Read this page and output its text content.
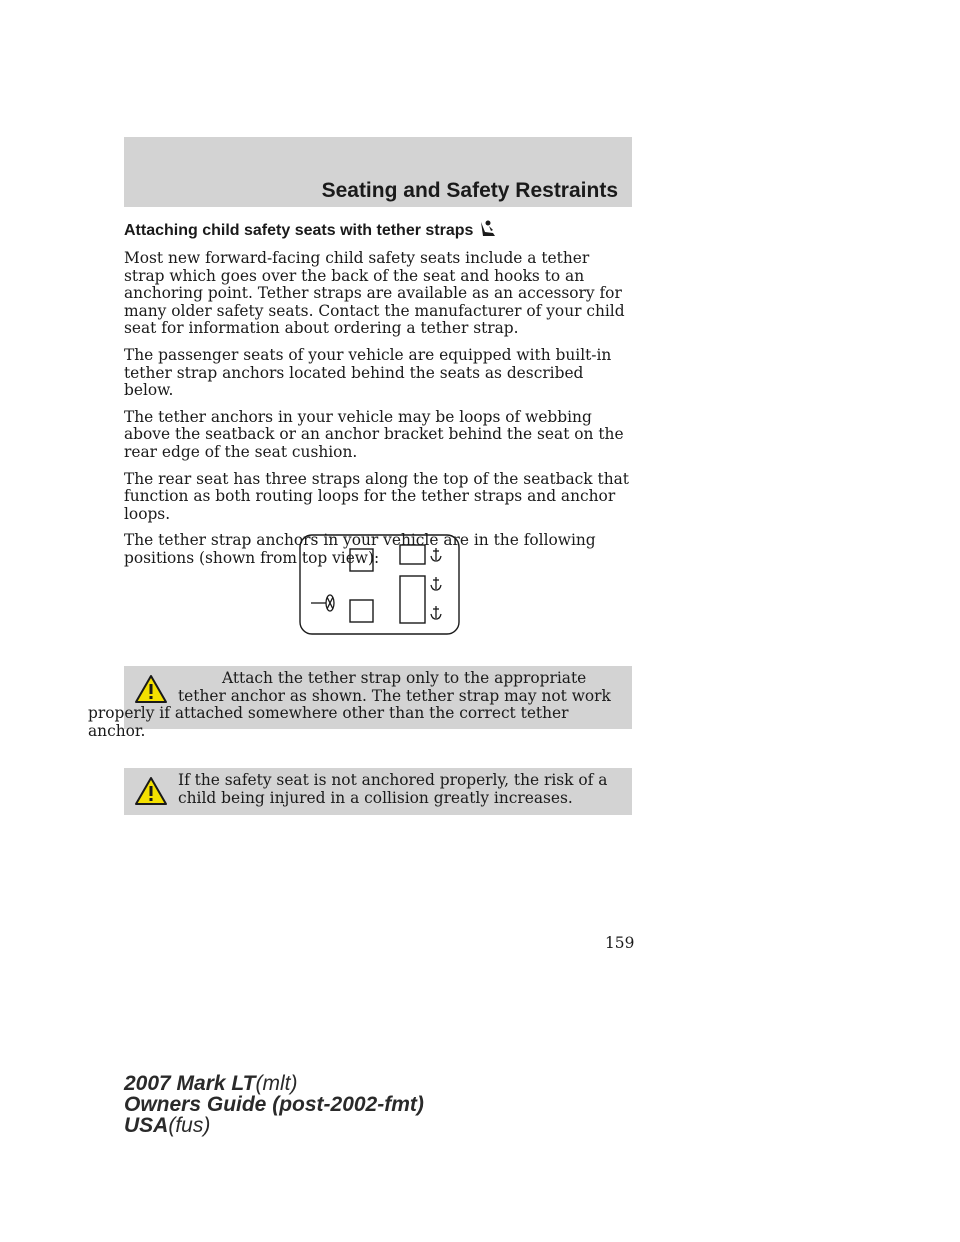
Seating and Safety Restraints
Attaching child safety seats with tether straps

Most new forward-facing child safety seats include a tether strap which goes over the back of the seat and hooks to an anchoring point. Tether straps are available as an accessory for many older safety seats. Contact the manufacturer of your child seat for information about ordering a tether strap.

The passenger seats of your vehicle are equipped with built-in tether strap anchors located behind the seats as described below.

The tether anchors in your vehicle may be loops of webbing above the seatback or an anchor bracket behind the seat on the rear edge of the seat cushion.

The rear seat has three straps along the top of the seatback that function as both routing loops for the tether straps and anchor loops.

The tether strap anchors in your vehicle are in the following positions (shown from top view):

Attach the tether strap only to the appropriate tether anchor as shown. The tether strap may not work properly if attached somewhere other than the correct tether anchor.
If the safety seat is not anchored properly, the risk of a child being injured in a collision greatly increases.
159
2007 Mark LT(mlt)
Owners Guide (post-2002-fmt)
USA(fus)
